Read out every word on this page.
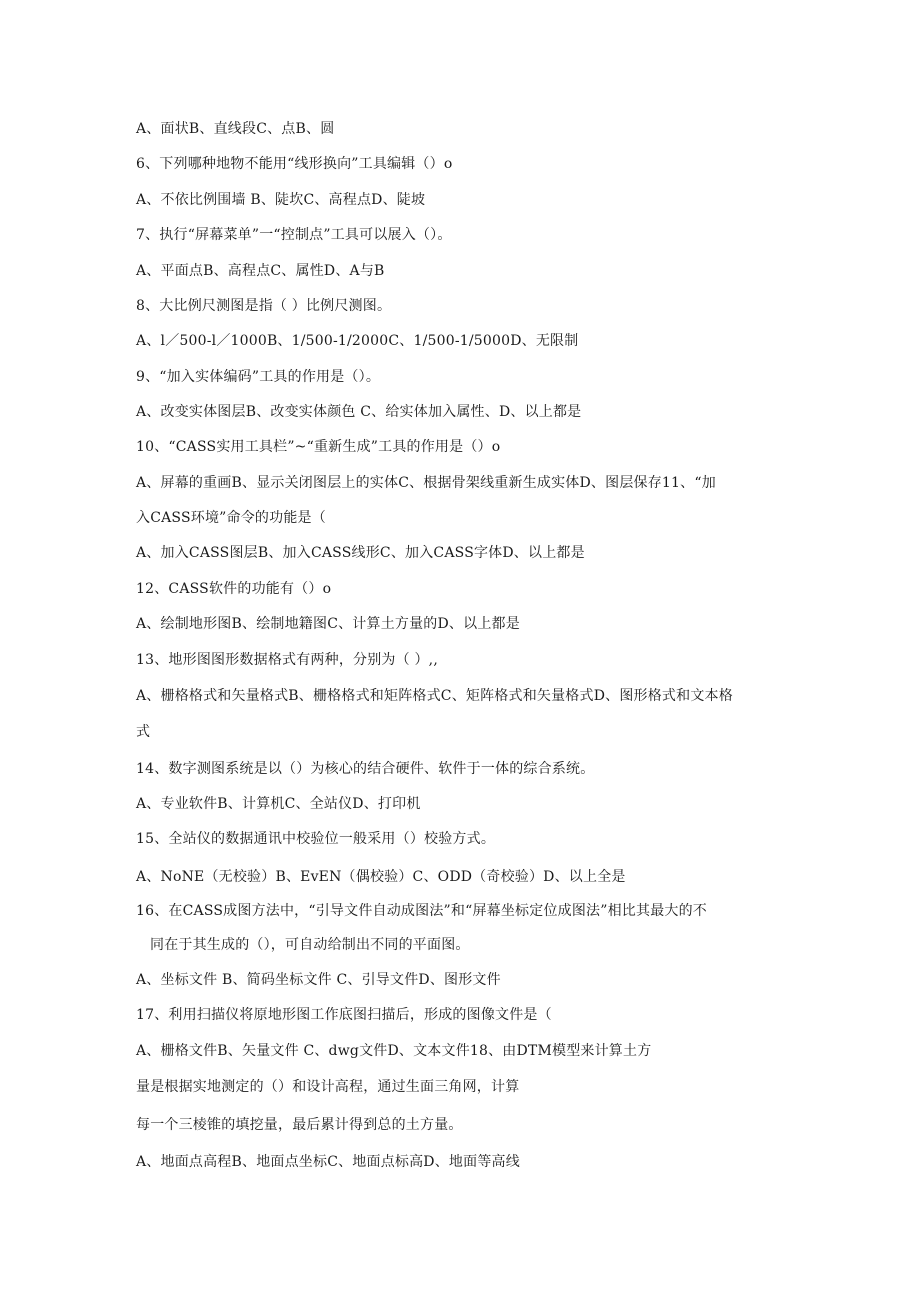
A、面状B、直线段C、点B、圆
6、下列哪种地物不能用“线形换向”工具编辑（）o
A、不依比例围墙 B、陡坎C、高程点D、陡坡
7、执行“屏幕菜单”一“控制点”工具可以展入（）。
A、平面点B、高程点C、属性D、A与B
8、大比例尺测图是指（ ）比例尺测图。
A、l／500-l／1000B、1/500-1/2000C、1/500-1/5000D、无限制
9、“加入实体编码”工具的作用是（）。
A、改变实体图层B、改变实体颜色 C、给实体加入属性、D、以上都是
10、“CASS实用工具栏”~“重新生成”工具的作用是（）o
A、屏幕的重画B、显示关闭图层上的实体C、根据骨架线重新生成实体D、图层保存11、“加
入CASS环境”命令的功能是（
A、加入CASS图层B、加入CASS线形C、加入CASS字体D、以上都是
12、CASS软件的功能有（）o
A、绘制地形图B、绘制地籍图C、计算土方量的D、以上都是
13、地形图图形数据格式有两种，分别为（ ）,,
A、栅格格式和矢量格式B、栅格格式和矩阵格式C、矩阵格式和矢量格式D、图形格式和文本格
式
14、数字测图系统是以（）为核心的结合硬件、软件于一体的综合系统。
A、专业软件B、计算机C、全站仪D、打印机
15、全站仪的数据通讯中校验位一般采用（）校验方式。
A、NoNE（无校验）B、EvEN（偶校验）C、ODD（奇校验）D、以上全是
16、在CASS成图方法中，“引导文件自动成图法”和“屏幕坐标定位成图法”相比其最大的不
同在于其生成的（），可自动给制出不同的平面图。
A、坐标文件 B、简码坐标文件 C、引导文件D、图形文件
17、利用扫描仪将原地形图工作底图扫描后，形成的图像文件是（
A、栅格文件B、矢量文件 C、dwg文件D、文本文件18、由DTM模型来计算土方
量是根据实地测定的（）和设计高程，通过生面三角网，计算
每一个三棱锥的填挖量，最后累计得到总的土方量。
A、地面点高程B、地面点坐标C、地面点标高D、地面等高线
